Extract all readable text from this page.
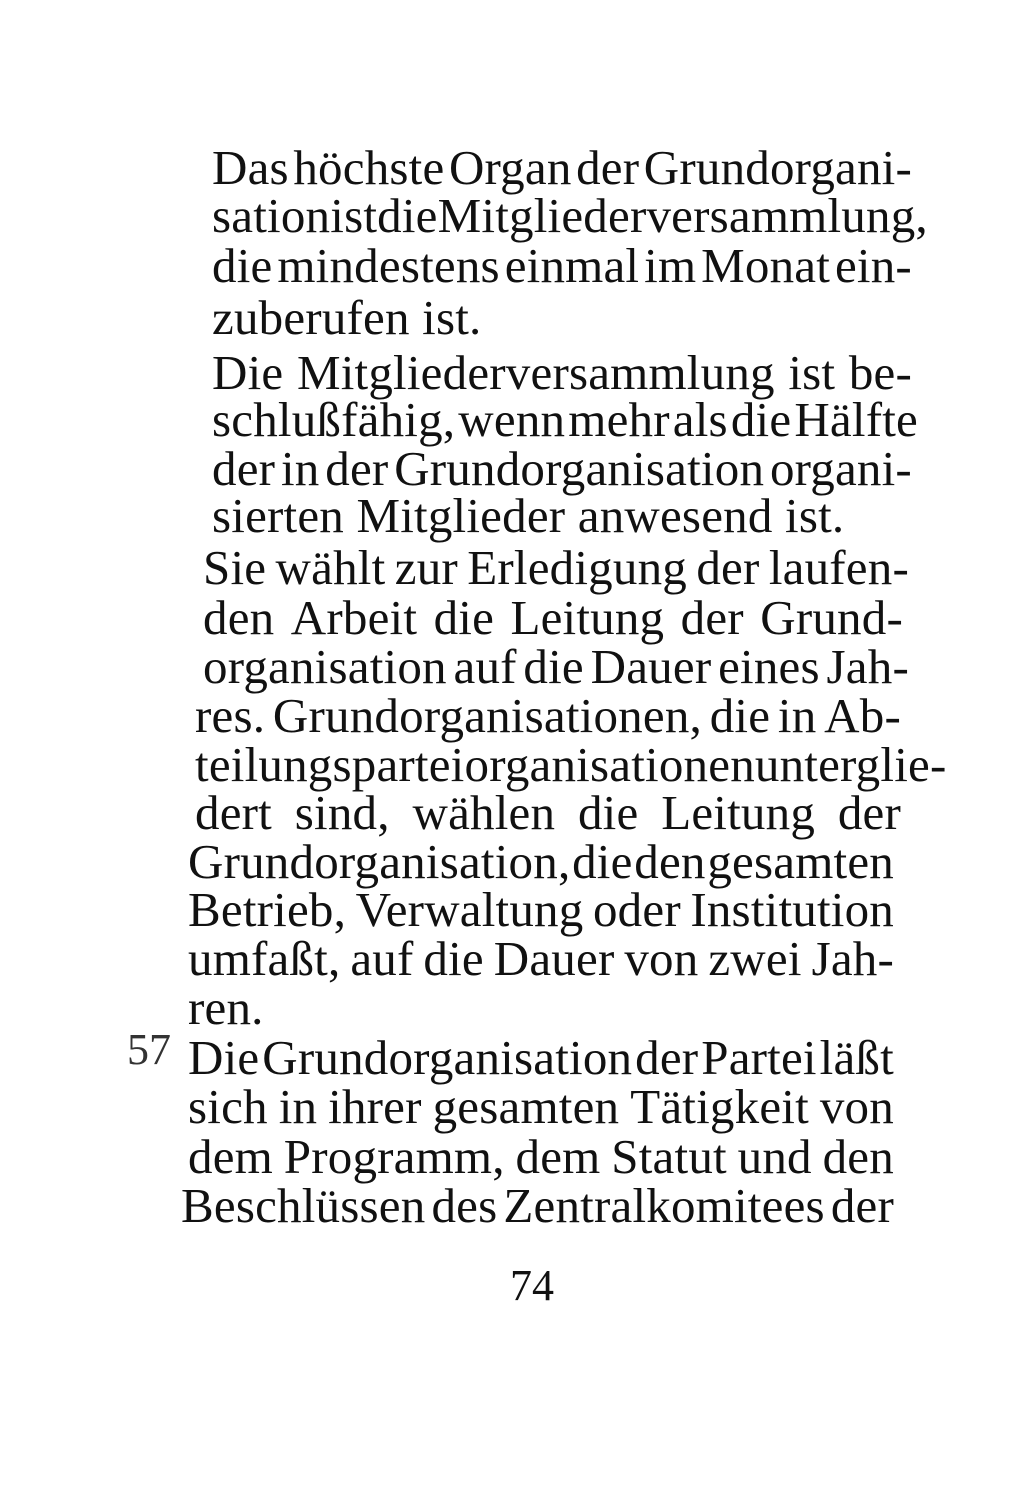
Das höchste Organ der Grundorgani-
sation ist die Mitgliederversammlung,
die mindestens einmal im Monat ein-
zuberufen ist.
Die Mitgliederversammlung ist be-
schlußfähig, wenn mehr als die Hälfte
der in der Grundorganisation organi-
sierten Mitglieder anwesend ist.
Sie wählt zur Erledigung der laufen-
den Arbeit die Leitung der Grund-
organisation auf die Dauer eines Jah-
res. Grundorganisationen, die in Ab-
teilungsparteiorganisationen unterglie-
dert sind, wählen die Leitung der
Grundorganisation, die den gesamten
Betrieb, Verwaltung oder Institution
umfaßt, auf die Dauer von zwei Jah-
ren.
Die Grundorganisation der Partei läßt
sich in ihrer gesamten Tätigkeit von
dem Programm, dem Statut und den
Beschlüssen des Zentralkomitees der
57
74
